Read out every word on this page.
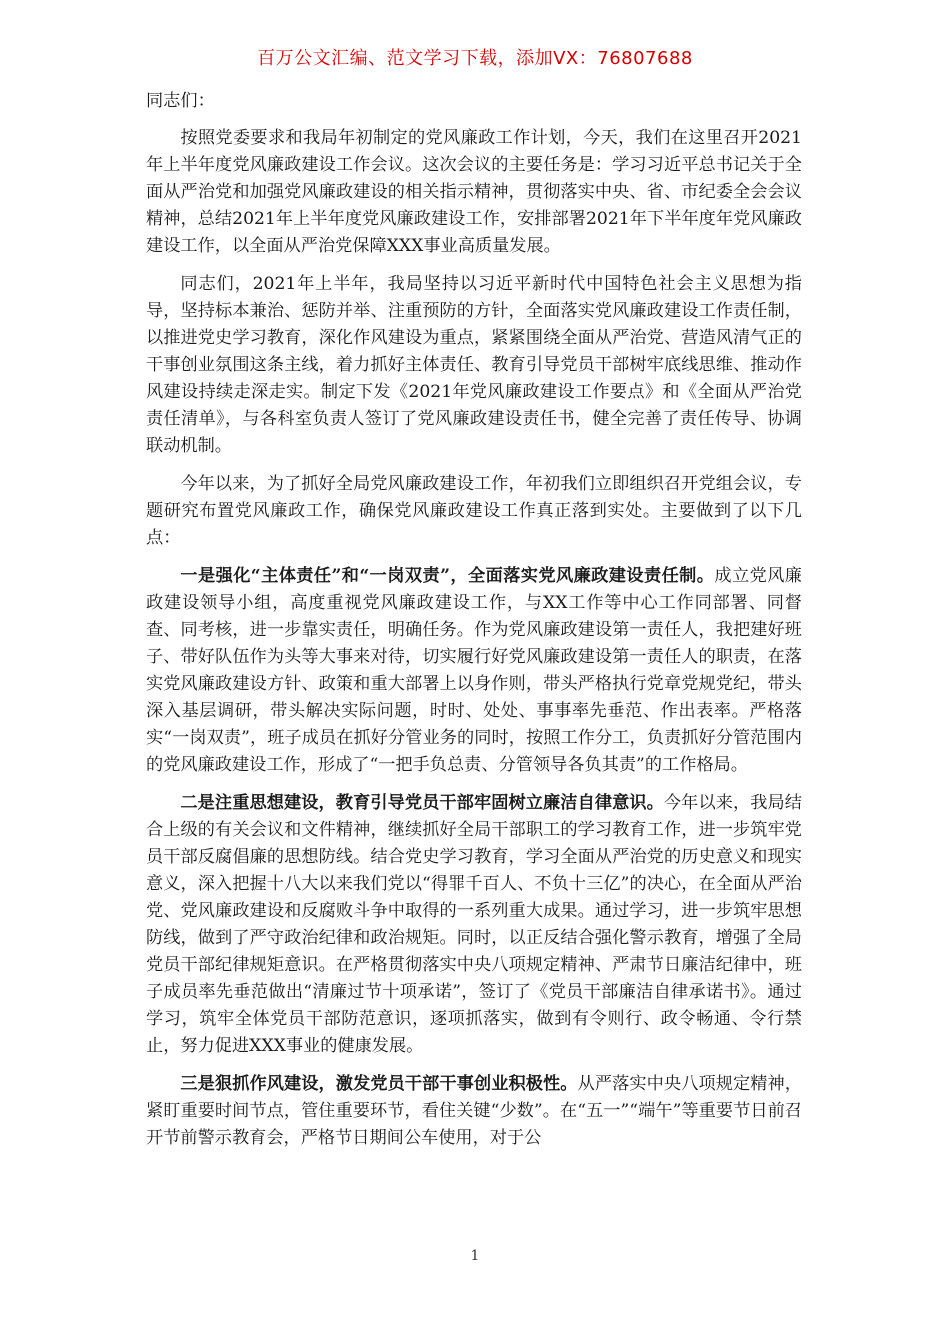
百万公文汇编、范文学习下载，添加VX：76807688

同志们：

按照党委要求和我局年初制定的党风廉政工作计划，今天，我们在这里召开2021年上半年度党风廉政建设工作会议。这次会议的主要任务是：学习习近平总书记关于全面从严治党和加强党风廉政建设的相关指示精神，贯彻落实中央、省、市纪委全会会议精神，总结2021年上半年度党风廉政建设工作，安排部署2021年下半年度年党风廉政建设工作，以全面从严治党保障XXX事业高质量发展。

同志们，2021年上半年，我局坚持以习近平新时代中国特色社会主义思想为指导，坚持标本兼治、惩防并举、注重预防的方针，全面落实党风廉政建设工作责任制，以推进党史学习教育，深化作风建设为重点，紧紧围绕全面从严治党、营造风清气正的干事创业氛围这条主线，着力抓好主体责任、教育引导党员干部树牢底线思维、推动作风建设持续走深走实。制定下发《2021年党风廉政建设工作要点》和《全面从严治党责任清单》，与各科室负责人签订了党风廉政建设责任书，健全完善了责任传导、协调联动机制。

今年以来，为了抓好全局党风廉政建设工作，年初我们立即组织召开党组会议，专题研究布置党风廉政工作，确保党风廉政建设工作真正落到实处。主要做到了以下几点：

一是强化“主体责任”和“一岗双责”，全面落实党风廉政建设责任制。成立党风廉政建设领导小组，高度重视党风廉政建设工作，与XX工作等中心工作同部署、同督查、同考核，进一步靠实责任，明确任务。作为党风廉政建设第一责任人，我把建好班子、带好队伍作为头等大事来对待，切实履行好党风廉政建设第一责任人的职责，在落实党风廉政建设方针、政策和重大部署上以身作则，带头严格执行党章党规党纪，带头深入基层调研，带头解决实际问题，时时、处处、事事率先垂范、作出表率。严格落实“一岗双责”，班子成员在抓好分管业务的同时，按照工作分工，负责抓好分管范围内的党风廉政建设工作，形成了“一把手负总责、分管领导各负其责”的工作格局。

二是注重思想建设，教育引导党员干部牢固树立廉洁自律意识。今年以来，我局结合上级的有关会议和文件精神，继续抓好全局干部职工的学习教育工作，进一步筑牢党员干部反腐倡廉的思想防线。结合党史学习教育，学习全面从严治党的历史意义和现实意义，深入把握十八大以来我们党以“得罪千百人、不负十三亿”的决心，在全面从严治党、党风廉政建设和反腐败斗争中取得的一系列重大成果。通过学习，进一步筑牢思想防线，做到了严守政治纪律和政治规矩。同时，以正反结合强化警示教育，增强了全局党员干部纪律规矩意识。在严格贯彻落实中央八项规定精神、严肃节日廉洁纪律中，班子成员率先垂范做出“清廉过节十项承诺”，签订了《党员干部廉洁自律承诺书》。通过学习，筑牢全体党员干部防范意识，逐项抓落实，做到有令则行、政令畅通、令行禁止，努力促进XXX事业的健康发展。

三是狠抓作风建设，激发党员干部干事创业积极性。从严落实中央八项规定精神，紧盯重要时间节点，管住重要环节，看住关键“少数”。在“五一”“端午”等重要节日前召开节前警示教育会，严格节日期间公车使用，对于公

1
